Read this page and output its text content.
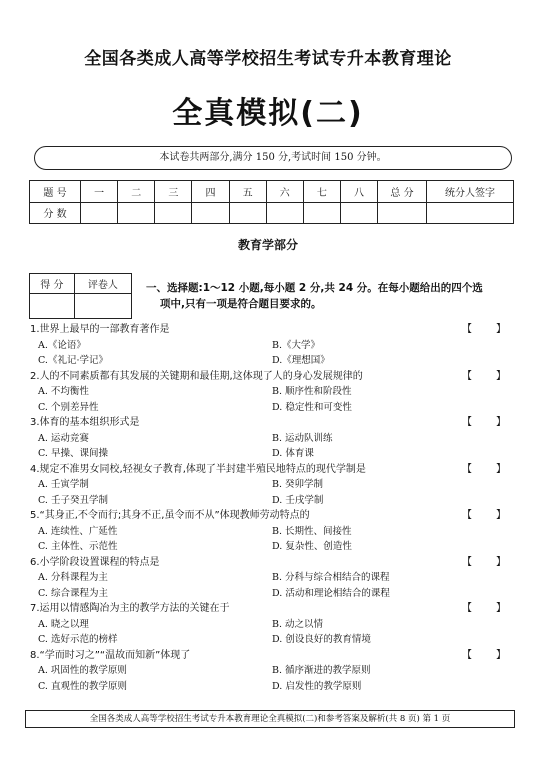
全国各类成人高等学校招生考试专升本教育理论
全真模拟(二)
本试卷共两部分,满分 150 分,考试时间 150 分钟。
题 号	一	二	三	四	五	六	七	八	总 分	统分人签字
分 数										
教育学部分
得 分	评卷人
		一、选择题:1～12 小题,每小题 2 分,共 24 分。在每小题给出的四个选
项中,只有一项是符合题目要求的。
1.世界上最早的一部教育著作是	【 】
A.《论语》	B.《大学》
C.《礼记·学记》	D.《理想国》
2.人的不同素质都有其发展的关键期和最佳期,这体现了人的身心发展规律的	【 】
A. 不均衡性	B. 顺序性和阶段性
C. 个别差异性	D. 稳定性和可变性
3.体育的基本组织形式是	【 】
A. 运动竞赛	B. 运动队训练
C. 早操、课间操	D. 体育课
4.规定不准男女同校,轻视女子教育,体现了半封建半殖民地特点的现代学制是	【 】
A. 壬寅学制	B. 癸卯学制
C. 壬子癸丑学制	D. 壬戌学制
5.“其身正,不令而行;其身不正,虽令而不从”体现教师劳动特点的	【 】
A. 连续性、广延性	B. 长期性、间接性
C. 主体性、示范性	D. 复杂性、创造性
6.小学阶段设置课程的特点是	【 】
A. 分科课程为主	B. 分科与综合相结合的课程
C. 综合课程为主	D. 活动和理论相结合的课程
7.运用以情感陶冶为主的教学方法的关键在于	【 】
A. 晓之以理	B. 动之以情
C. 选好示范的榜样	D. 创设良好的教育情境
8.“学而时习之”“温故而知新”体现了	【 】
A. 巩固性的教学原则	B. 循序渐进的教学原则
C. 直观性的教学原则	D. 启发性的教学原则
全国各类成人高等学校招生考试专升本教育理论全真模拟(二)和参考答案及解析(共 8 页) 第 1 页
